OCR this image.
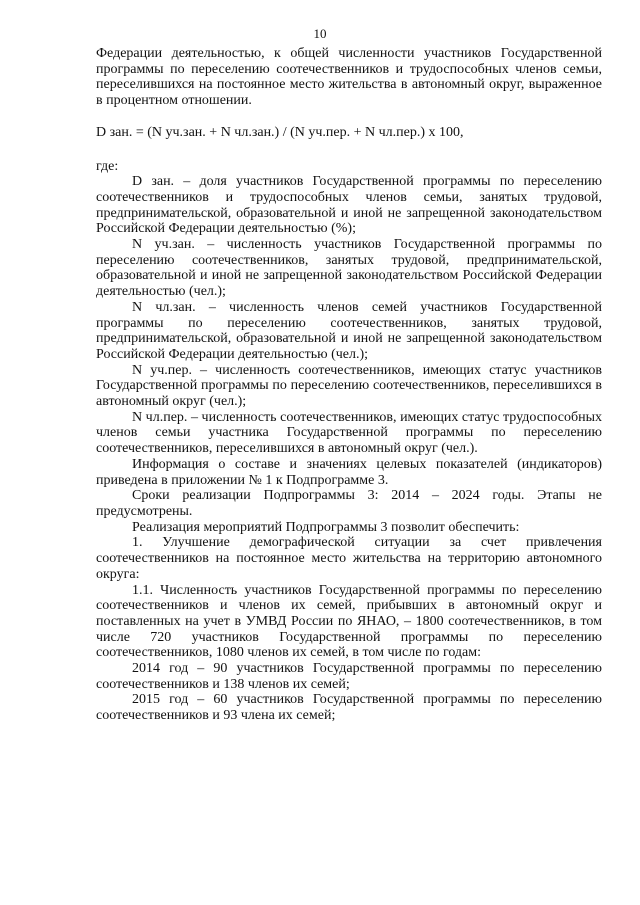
10

Федерации деятельностью, к общей численности участников Государственной программы по переселению соотечественников и трудоспособных членов семьи, переселившихся на постоянное место жительства в автономный округ, выраженное в процентном отношении.

D зан. = (N уч.зан. + N чл.зан.) / (N уч.пер. + N чл.пер.) x 100,

где:

D зан. – доля участников Государственной программы по переселению соотечественников и трудоспособных членов семьи, занятых трудовой, предпринимательской, образовательной и иной не запрещенной законодательством Российской Федерации деятельностью (%);

N уч.зан. – численность участников Государственной программы по переселению соотечественников, занятых трудовой, предпринимательской, образовательной и иной не запрещенной законодательством Российской Федерации деятельностью (чел.);

N чл.зан. – численность членов семей участников Государственной программы по переселению соотечественников, занятых трудовой, предпринимательской, образовательной и иной не запрещенной законодательством Российской Федерации деятельностью (чел.);

N уч.пер. – численность соотечественников, имеющих статус участников Государственной программы по переселению соотечественников, переселившихся в автономный округ (чел.);

N чл.пер. – численность соотечественников, имеющих статус трудоспособных членов семьи участника Государственной программы по переселению соотечественников, переселившихся в автономный округ (чел.).

Информация о составе и значениях целевых показателей (индикаторов) приведена в приложении № 1 к Подпрограмме 3.

Сроки реализации Подпрограммы 3: 2014 – 2024 годы. Этапы не предусмотрены.

Реализация мероприятий Подпрограммы 3 позволит обеспечить:

1. Улучшение демографической ситуации за счет привлечения соотечественников на постоянное место жительства на территорию автономного округа:

1.1. Численность участников Государственной программы по переселению соотечественников и членов их семей, прибывших в автономный округ и поставленных на учет в УМВД России по ЯНАО, – 1800 соотечественников, в том числе 720 участников Государственной программы по переселению соотечественников, 1080 членов их семей, в том числе по годам:

2014 год – 90 участников Государственной программы по переселению соотечественников и 138 членов их семей;

2015 год – 60 участников Государственной программы по переселению соотечественников и 93 члена их семей;
